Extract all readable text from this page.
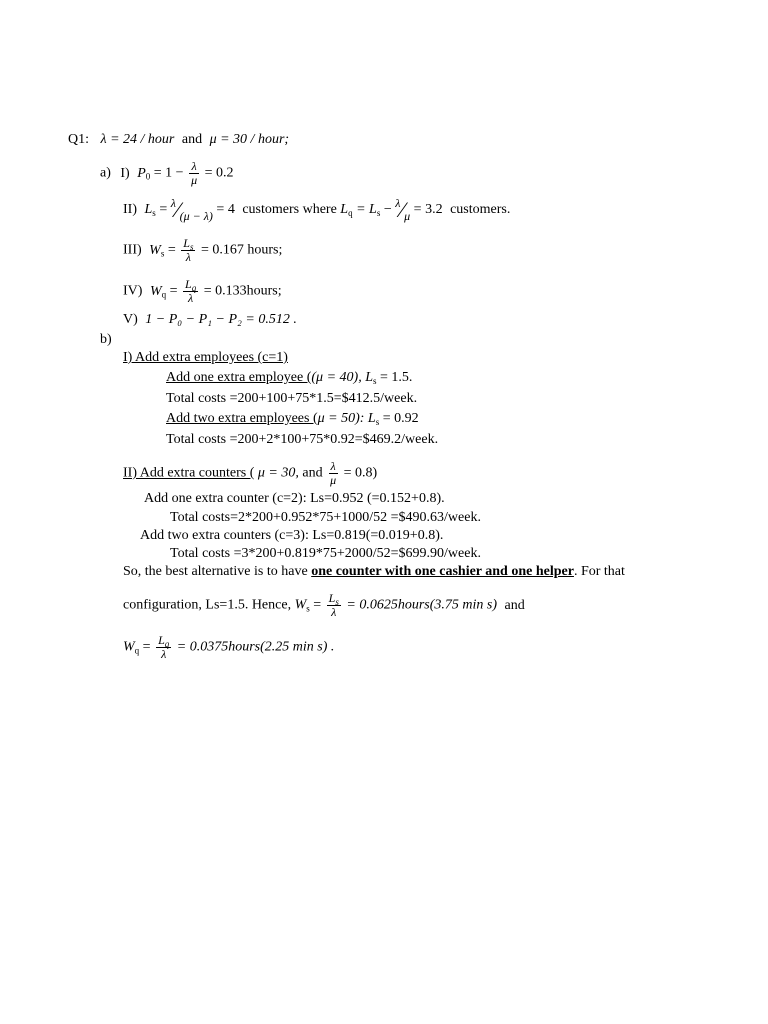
Q1: λ = 24 / hour and μ = 30 / hour;
a) I) $P_0 = 1 - \frac{\lambda}{\mu} = 0.2$
II) $L_s$ = λ⁄(μ − λ) = 4 customers where $L_q = L_s$ − λ⁄μ = 3.2 customers.
III) $W_s = \frac{L_s}{\lambda} = 0.167$ hours;
IV) $W_q = \frac{L_q}{\lambda}$ = 0.133hours;
V) 1 − P₀ − P₁ − P₂ = 0.512 .
b)
I) Add extra employees (c=1)
Add one extra employee ((μ = 40), $L_s = 1.5$.
Total costs =200+100+75*1.5=$412.5/week.
Add two extra employees (μ = 50): $L_s = 0.92$
Total costs =200+2*100+75*0.92=$469.2/week.
II) Add extra counters ( μ = 30, and $\frac{\lambda}{\mu} = 0.8$)
Add one extra counter (c=2): Ls=0.952 (=0.152+0.8).
Total costs=2*200+0.952*75+1000/52 =$490.63/week.
Add two extra counters (c=3): Ls=0.819(=0.019+0.8).
Total costs =3*200+0.819*75+2000/52=$699.90/week.
So, the best alternative is to have one counter with one cashier and one helper. For that
configuration, Ls=1.5. Hence, $W_s = \frac{L_s}{\lambda}$ = 0.0625hours(3.75 min s) and
$W_q = \frac{L_q}{\lambda}$ = 0.0375hours(2.25 min s) .
